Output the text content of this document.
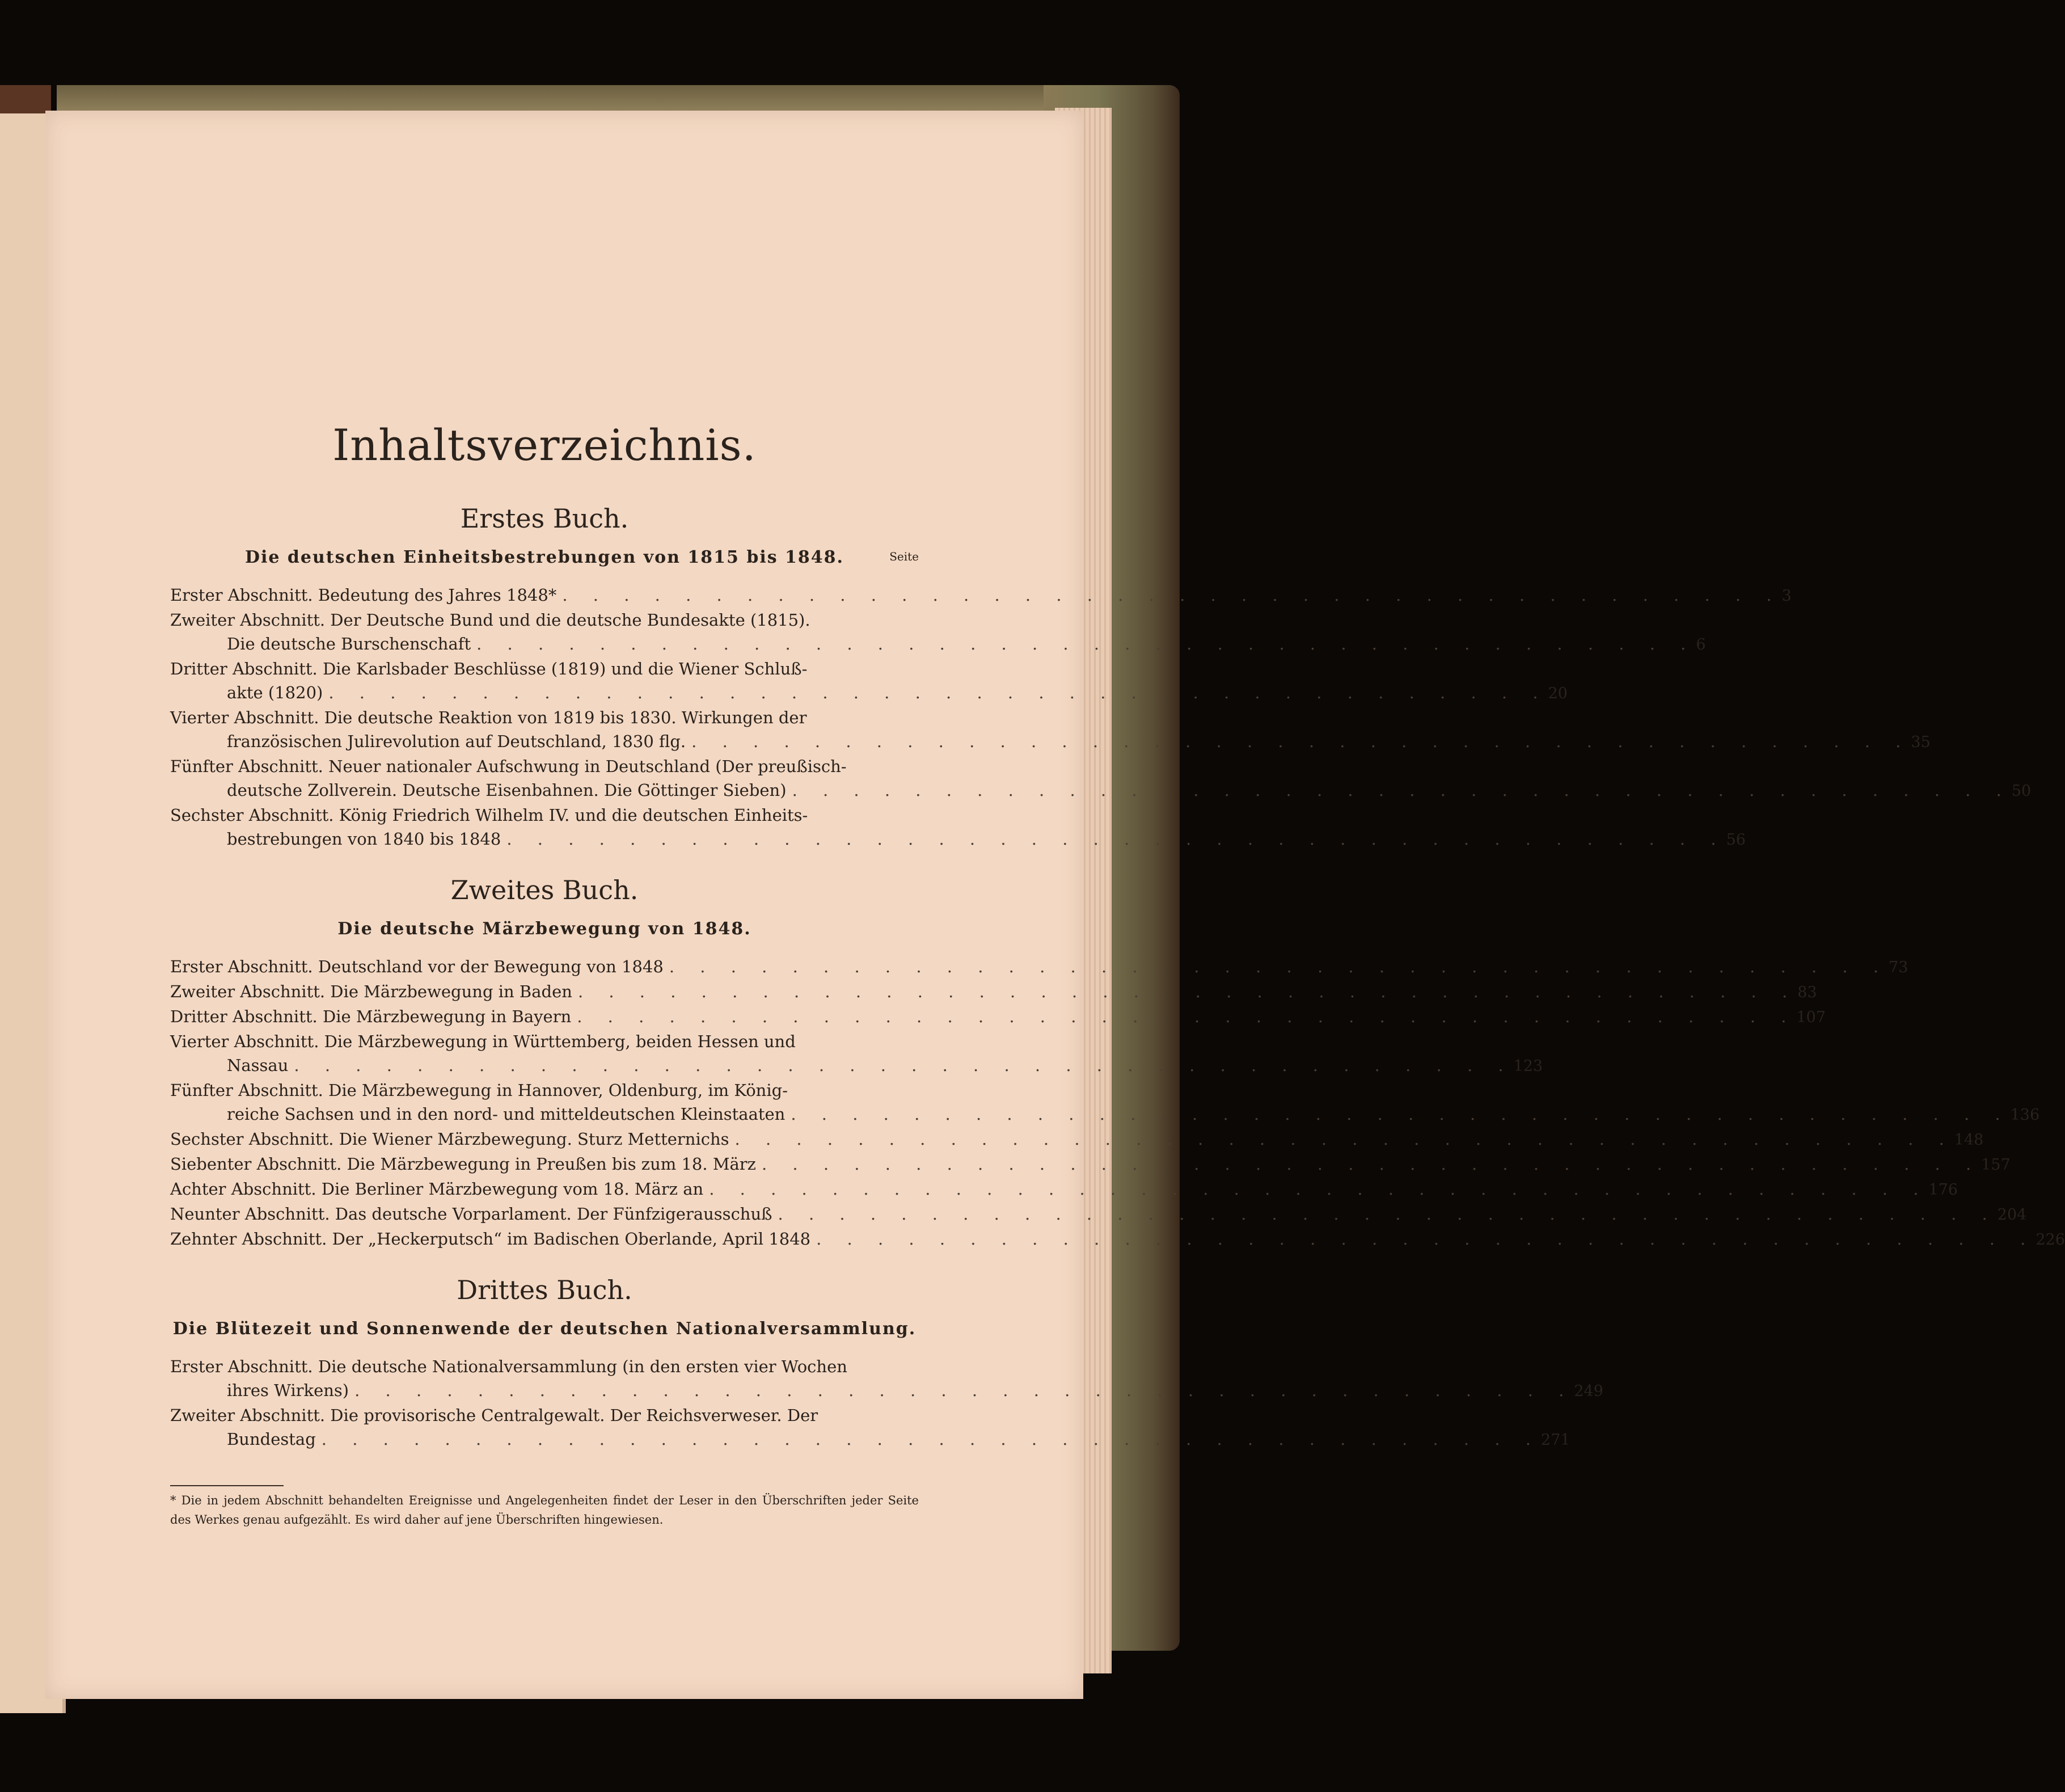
Inhaltsverzeichnis.
Erstes Buch.
Die deutschen Einheitsbestrebungen von 1815 bis 1848.	Seite
Erster Abschnitt. Bedeutung des Jahres 1848* . . . . . . . . . . . . . . . . . . . . . . . . . . . . . . . . . . . . . . . . 3
Zweiter Abschnitt. Der Deutsche Bund und die deutsche Bundesakte (1815).
Die deutsche Burschenschaft . . . . . . . . . . . . . . . . . . . . . . . . . . . . . . . . . . . . . . . . 6
Dritter Abschnitt. Die Karlsbader Beschlüsse (1819) und die Wiener Schluß-
akte (1820) . . . . . . . . . . . . . . . . . . . . . . . . . . . . . . . . . . . . . . . . 20
Vierter Abschnitt. Die deutsche Reaktion von 1819 bis 1830. Wirkungen der
französischen Julirevolution auf Deutschland, 1830 flg. . . . . . . . . . . . . . . . . . . . . . . . . . . . . . . . . . . . . . . . . 35
Fünfter Abschnitt. Neuer nationaler Aufschwung in Deutschland (Der preußisch-
deutsche Zollverein. Deutsche Eisenbahnen. Die Göttinger Sieben) . . . . . . . . . . . . . . . . . . . . . . . . . . . . . . . . . . . . . . . . 50
Sechster Abschnitt. König Friedrich Wilhelm IV. und die deutschen Einheits-
bestrebungen von 1840 bis 1848 . . . . . . . . . . . . . . . . . . . . . . . . . . . . . . . . . . . . . . . . 56
Zweites Buch.
Die deutsche Märzbewegung von 1848.
Erster Abschnitt. Deutschland vor der Bewegung von 1848 . . . . . . . . . . . . . . . . . . . . . . . . . . . . . . . . . . . . . . . . 73
Zweiter Abschnitt. Die Märzbewegung in Baden . . . . . . . . . . . . . . . . . . . . . . . . . . . . . . . . . . . . . . . . 83
Dritter Abschnitt. Die Märzbewegung in Bayern . . . . . . . . . . . . . . . . . . . . . . . . . . . . . . . . . . . . . . . . 107
Vierter Abschnitt. Die Märzbewegung in Württemberg, beiden Hessen und
Nassau . . . . . . . . . . . . . . . . . . . . . . . . . . . . . . . . . . . . . . . . 123
Fünfter Abschnitt. Die Märzbewegung in Hannover, Oldenburg, im König-
reiche Sachsen und in den nord- und mitteldeutschen Kleinstaaten . . . . . . . . . . . . . . . . . . . . . . . . . . . . . . . . . . . . . . . . 136
Sechster Abschnitt. Die Wiener Märzbewegung. Sturz Metternichs . . . . . . . . . . . . . . . . . . . . . . . . . . . . . . . . . . . . . . . . 148
Siebenter Abschnitt. Die Märzbewegung in Preußen bis zum 18. März . . . . . . . . . . . . . . . . . . . . . . . . . . . . . . . . . . . . . . . . 157
Achter Abschnitt. Die Berliner Märzbewegung vom 18. März an . . . . . . . . . . . . . . . . . . . . . . . . . . . . . . . . . . . . . . . . 176
Neunter Abschnitt. Das deutsche Vorparlament. Der Fünfzigerausschuß . . . . . . . . . . . . . . . . . . . . . . . . . . . . . . . . . . . . . . . . 204
Zehnter Abschnitt. Der „Heckerputsch“ im Badischen Oberlande, April 1848 . . . . . . . . . . . . . . . . . . . . . . . . . . . . . . . . . . . . . . . . 226
Drittes Buch.
Die Blütezeit und Sonnenwende der deutschen Nationalversammlung.
Erster Abschnitt. Die deutsche Nationalversammlung (in den ersten vier Wochen
ihres Wirkens) . . . . . . . . . . . . . . . . . . . . . . . . . . . . . . . . . . . . . . . . 249
Zweiter Abschnitt. Die provisorische Centralgewalt. Der Reichsverweser. Der
Bundestag . . . . . . . . . . . . . . . . . . . . . . . . . . . . . . . . . . . . . . . . 271
* Die in jedem Abschnitt behandelten Ereignisse und Angelegenheiten findet der Leser in den Überschriften jeder Seite des Werkes genau aufgezählt. Es wird daher auf jene Überschriften hingewiesen.
